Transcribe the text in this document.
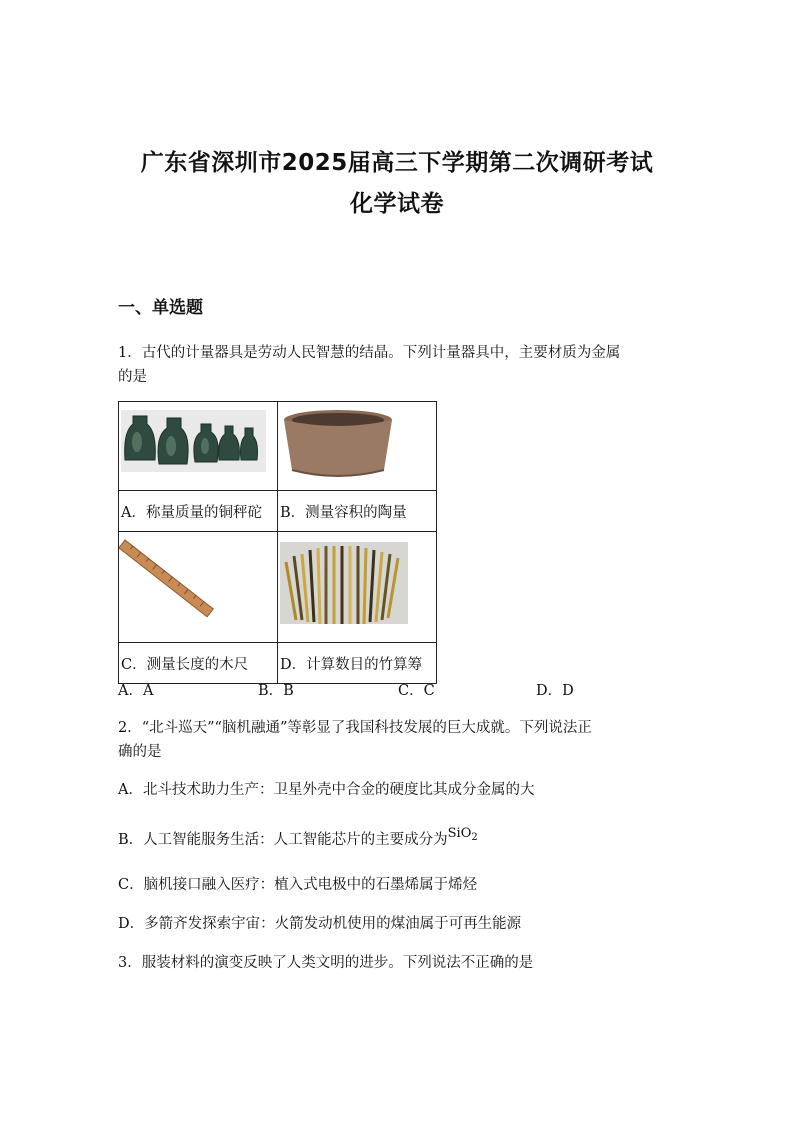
广东省深圳市2025届高三下学期第二次调研考试
化学试卷
一、单选题
1．古代的计量器具是劳动人民智慧的结晶。下列计量器具中，主要材质为金属
的是

A．称量质量的铜秤砣	B．测量容积的陶量

C．测量长度的木尺	D．计算数目的竹算筹
A．A	B．B	C．C	D．D
2．“北斗巡天”“脑机融通”等彰显了我国科技发展的巨大成就。下列说法正
确的是
A．北斗技术助力生产：卫星外壳中合金的硬度比其成分金属的大
B．人工智能服务生活：人工智能芯片的主要成分为SiO$_2$
C．脑机接口融入医疗：植入式电极中的石墨烯属于烯烃
D．多箭齐发探索宇宙：火箭发动机使用的煤油属于可再生能源
3．服装材料的演变反映了人类文明的进步。下列说法不正确的是
